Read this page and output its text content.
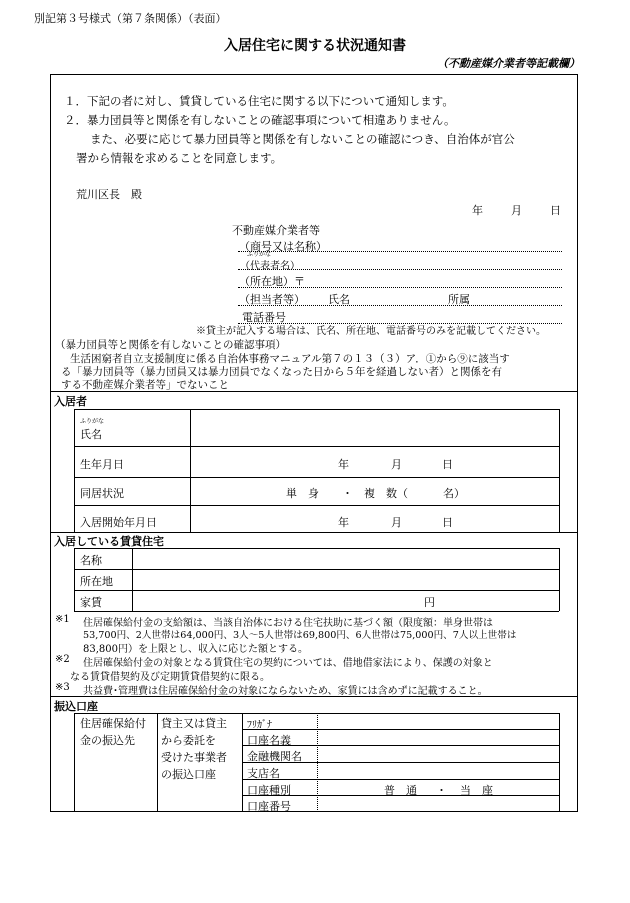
別記第３号様式（第７条関係）（表面）
入居住宅に関する状況通知書
（不動産媒介業者等記載欄）
１．下記の者に対し、賃貸している住宅に関する以下について通知します。
２．暴力団員等と関係を有しないことの確認事項について相違ありません。
また、必要に応じて暴力団員等と関係を有しないことの確認につき、自治体が官公
署から情報を求めることを同意します。
荒川区長　殿
年	月	日
不動産媒介業者等
（商号又は名称）
ふりがな
（代表者名）
（所在地）〒
（担当者等） 氏名	所属
電話番号
※貸主が記入する場合は、氏名、所在地、電話番号のみを記載してください。
（暴力団員等と関係を有しないことの確認事項）
生活困窮者自立支援制度に係る自治体事務マニュアル第７の１３（３）ア．①から⑨に該当す
る「暴力団員等（暴力団員又は暴力団員でなくなった日から５年を経過しない者）と関係を有
する不動産媒介業者等」でないこと
入居者
ふりがな
氏名
生年月日	年	月	日
同居状況	単　身 ・ 複　数（	名）
入居開始年月日	年	月	日
入居している賃貸住宅
名称
所在地
家賃	円
※1 住居確保給付金の支給額は、当該自治体における住宅扶助に基づく額（限度額：単身世帯は
53,700円、2人世帯は64,000円、3人～5人世帯は69,800円、6人世帯は75,000円、7人以上世帯は
83,800円）を上限とし、収入に応じた額とする。
※2 住居確保給付金の対象となる賃貸住宅の契約については、借地借家法により、保護の対象と
なる賃貸借契約及び定期賃貸借契約に限る。
※3 共益費･管理費は住居確保給付金の対象にならないため、家賃には含めずに記載すること。
振込口座
住居確保給付
金の振込先
貸主又は貸主
から委託を
受けた事業者
の振込口座
ﾌﾘｶﾞﾅ
口座名義
金融機関名
支店名
口座種別	普　通 ・ 当　座
口座番号
